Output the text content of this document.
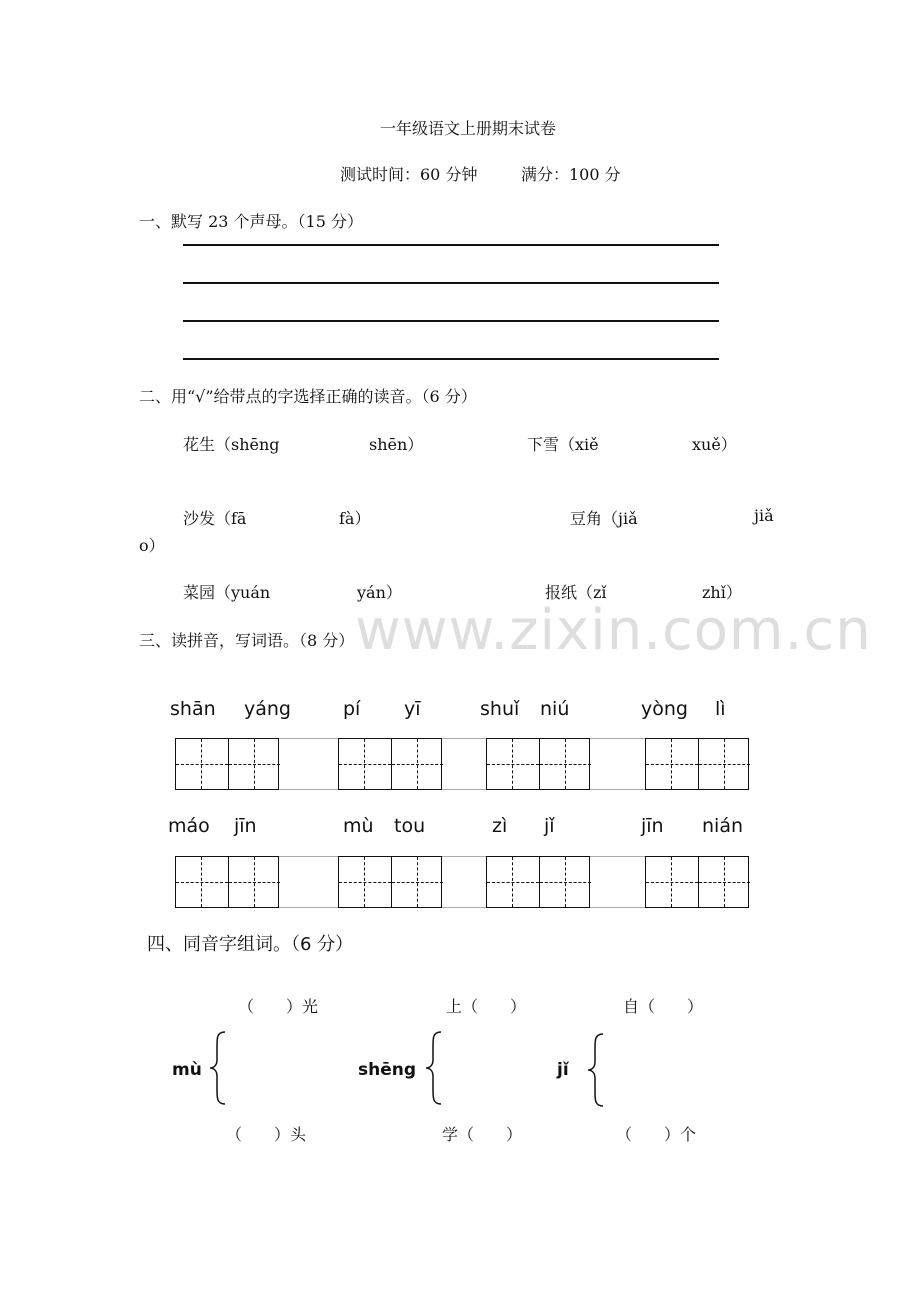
一年级语文上册期末试卷
测试时间：60 分钟	满分：100 分
一、默写 23 个声母。（15 分）
二、用“√”给带点的字选择正确的读音。（6 分）
花生（shēng	shēn）	下雪（xiě	xuě）
沙发（fā	fà）	豆角（jiǎ	jiǎ
o）
菜园（yuán	yán）	报纸（zǐ	zhǐ）
www.zixin.com.cn
三、读拼音，写词语。（8 分）
shān yáng	pí yī	shuǐ niú	yòng lì
máo jīn	mù tou	zì jǐ	jīn nián
四、同音字组词。（6 分）
（　　）光
mù
（　　）头
上（　　）
shēng
学（　　）
自（　　）
jǐ
（　　）个
